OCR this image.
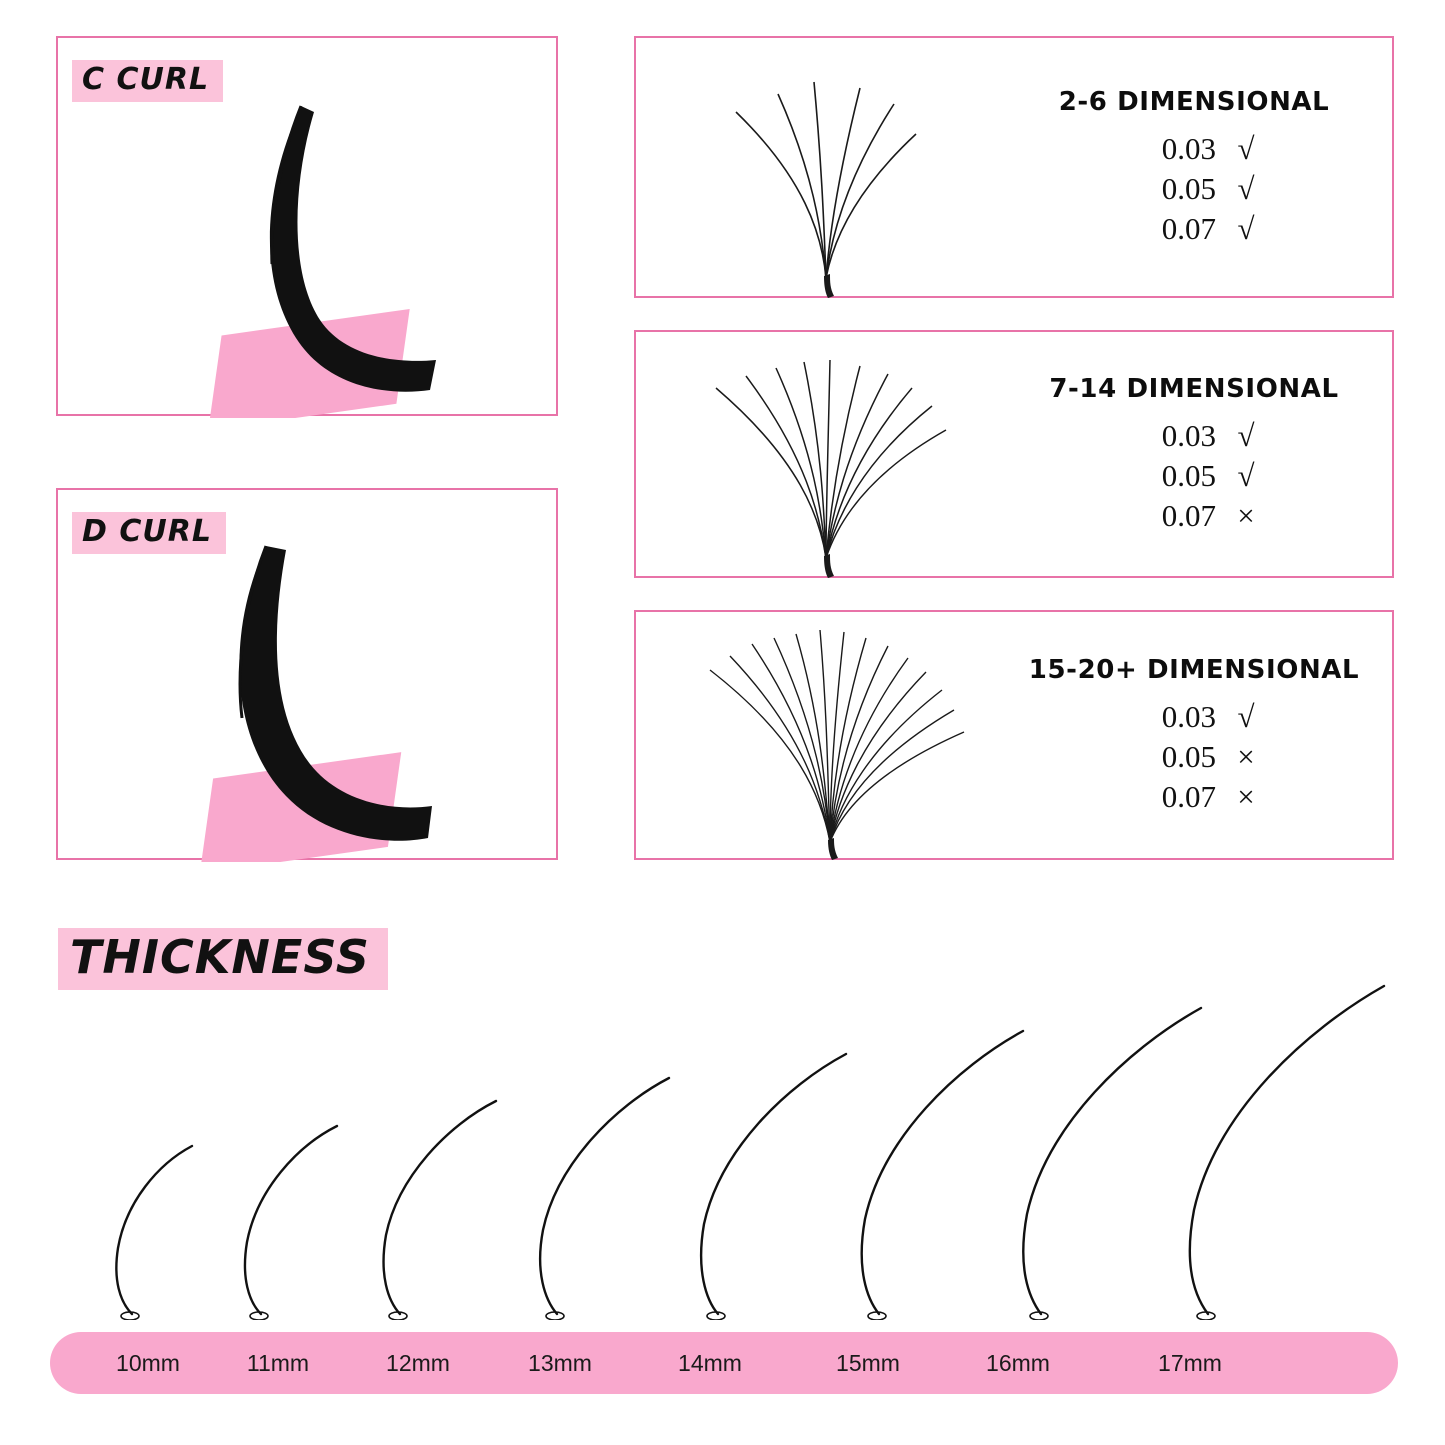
C CURL
D CURL
2-6 DIMENSIONAL
0.03 √
0.05 √
0.07 √
7-14 DIMENSIONAL
0.03 √
0.05 √
0.07 ×
15-20+ DIMENSIONAL
0.03 √
0.05 ×
0.07 ×
THICKNESS
10mm	11mm	12mm	13mm	14mm	15mm	16mm	17mm
